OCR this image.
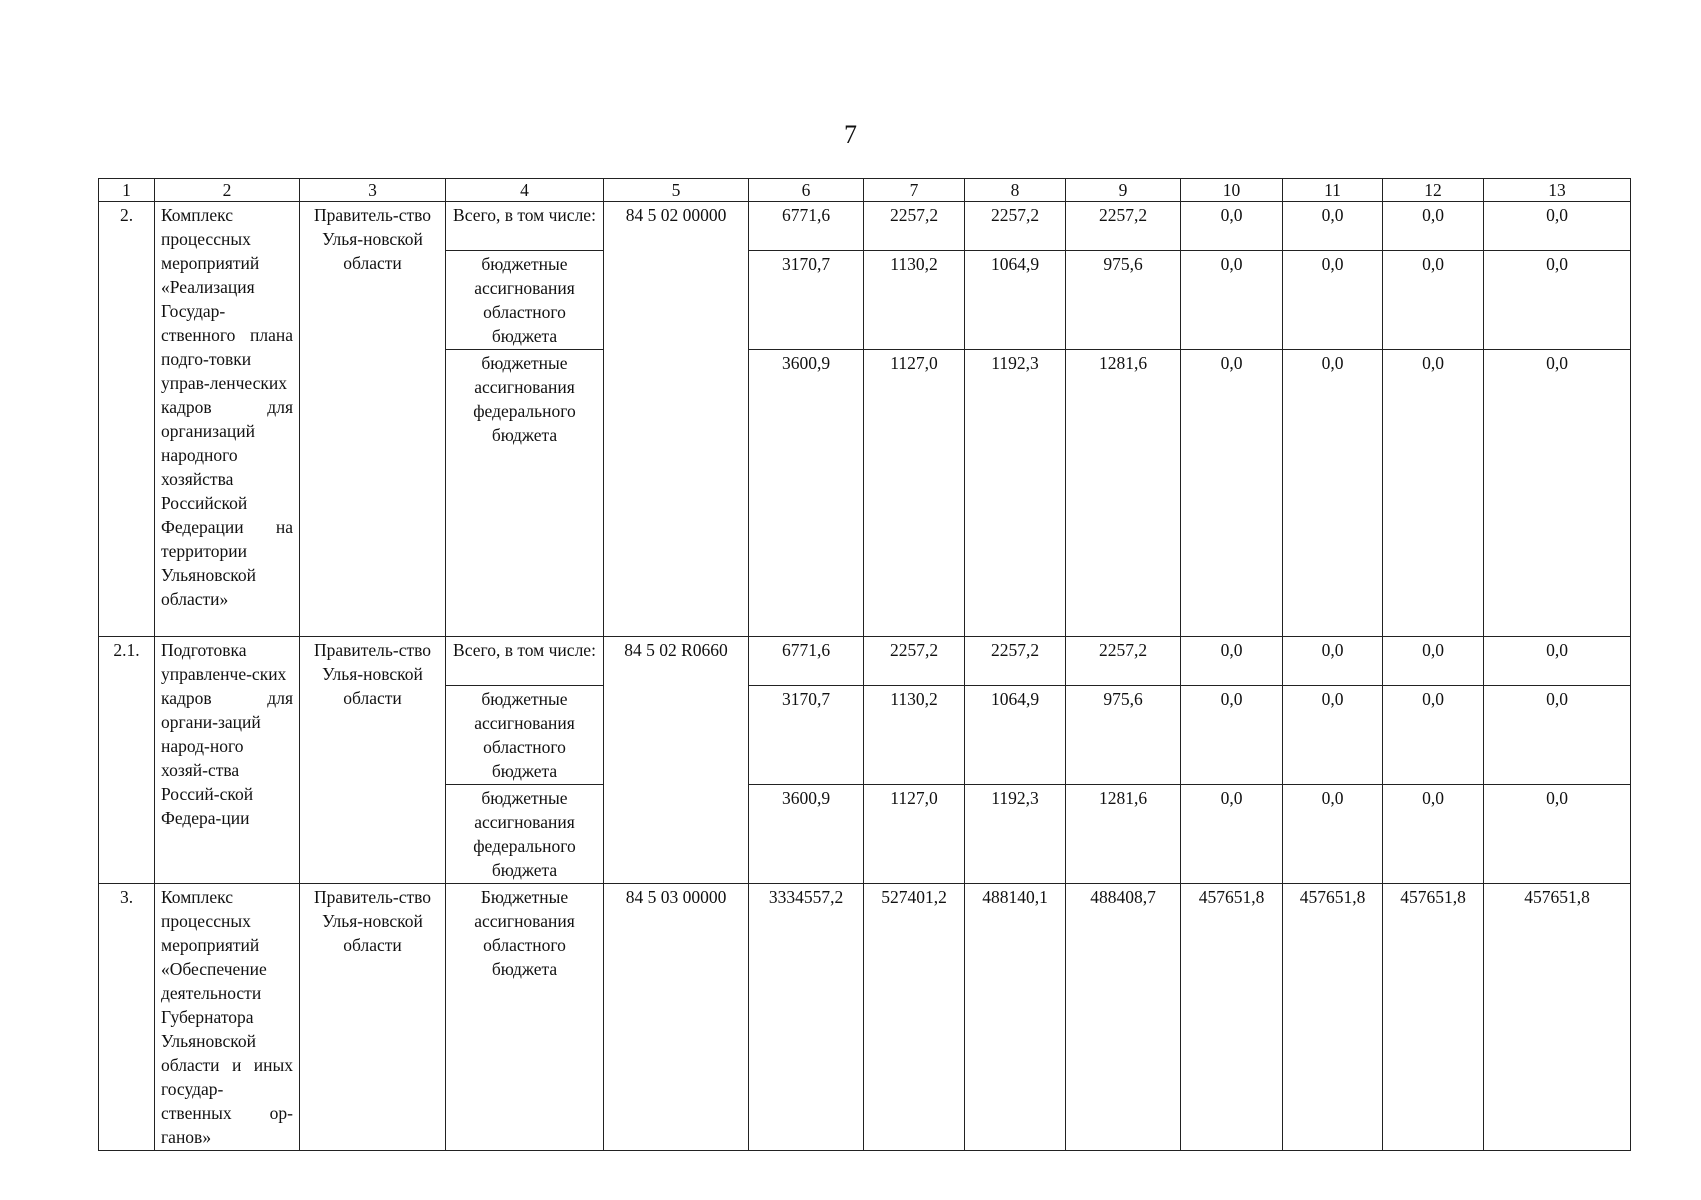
7
1	2	3	4	5	6	7	8	9	10	11	12	13
2.	Комплекс процессных мероприятий «Реализация Государ-ственного плана подго-товки управ-ленческих кадров для организаций народного хозяйства Российской Федерации на территории Ульяновской области»	Правитель-ство Улья-новской области	Всего, в том числе:	84 5 02 00000	6771,6	2257,2	2257,2	2257,2	0,0	0,0	0,0	0,0
			бюджетные ассигнования областного бюджета		3170,7	1130,2	1064,9	975,6	0,0	0,0	0,0	0,0
			бюджетные ассигнования федерального бюджета		3600,9	1127,0	1192,3	1281,6	0,0	0,0	0,0	0,0
2.1.	Подготовка управленче-ских кадров для органи-заций народ-ного хозяй-ства Россий-ской Федера-ции	Правитель-ство Улья-новской области	Всего, в том числе:	84 5 02 R0660	6771,6	2257,2	2257,2	2257,2	0,0	0,0	0,0	0,0
			бюджетные ассигнования областного бюджета		3170,7	1130,2	1064,9	975,6	0,0	0,0	0,0	0,0
			бюджетные ассигнования федерального бюджета		3600,9	1127,0	1192,3	1281,6	0,0	0,0	0,0	0,0
3.	Комплекс процессных мероприятий «Обеспечение деятельности Губернатора Ульяновской области и иных государ-ственных ор-ганов»	Правитель-ство Улья-новской области	Бюджетные ассигнования областного бюджета	84 5 03 00000	3334557,2	527401,2	488140,1	488408,7	457651,8	457651,8	457651,8	457651,8
